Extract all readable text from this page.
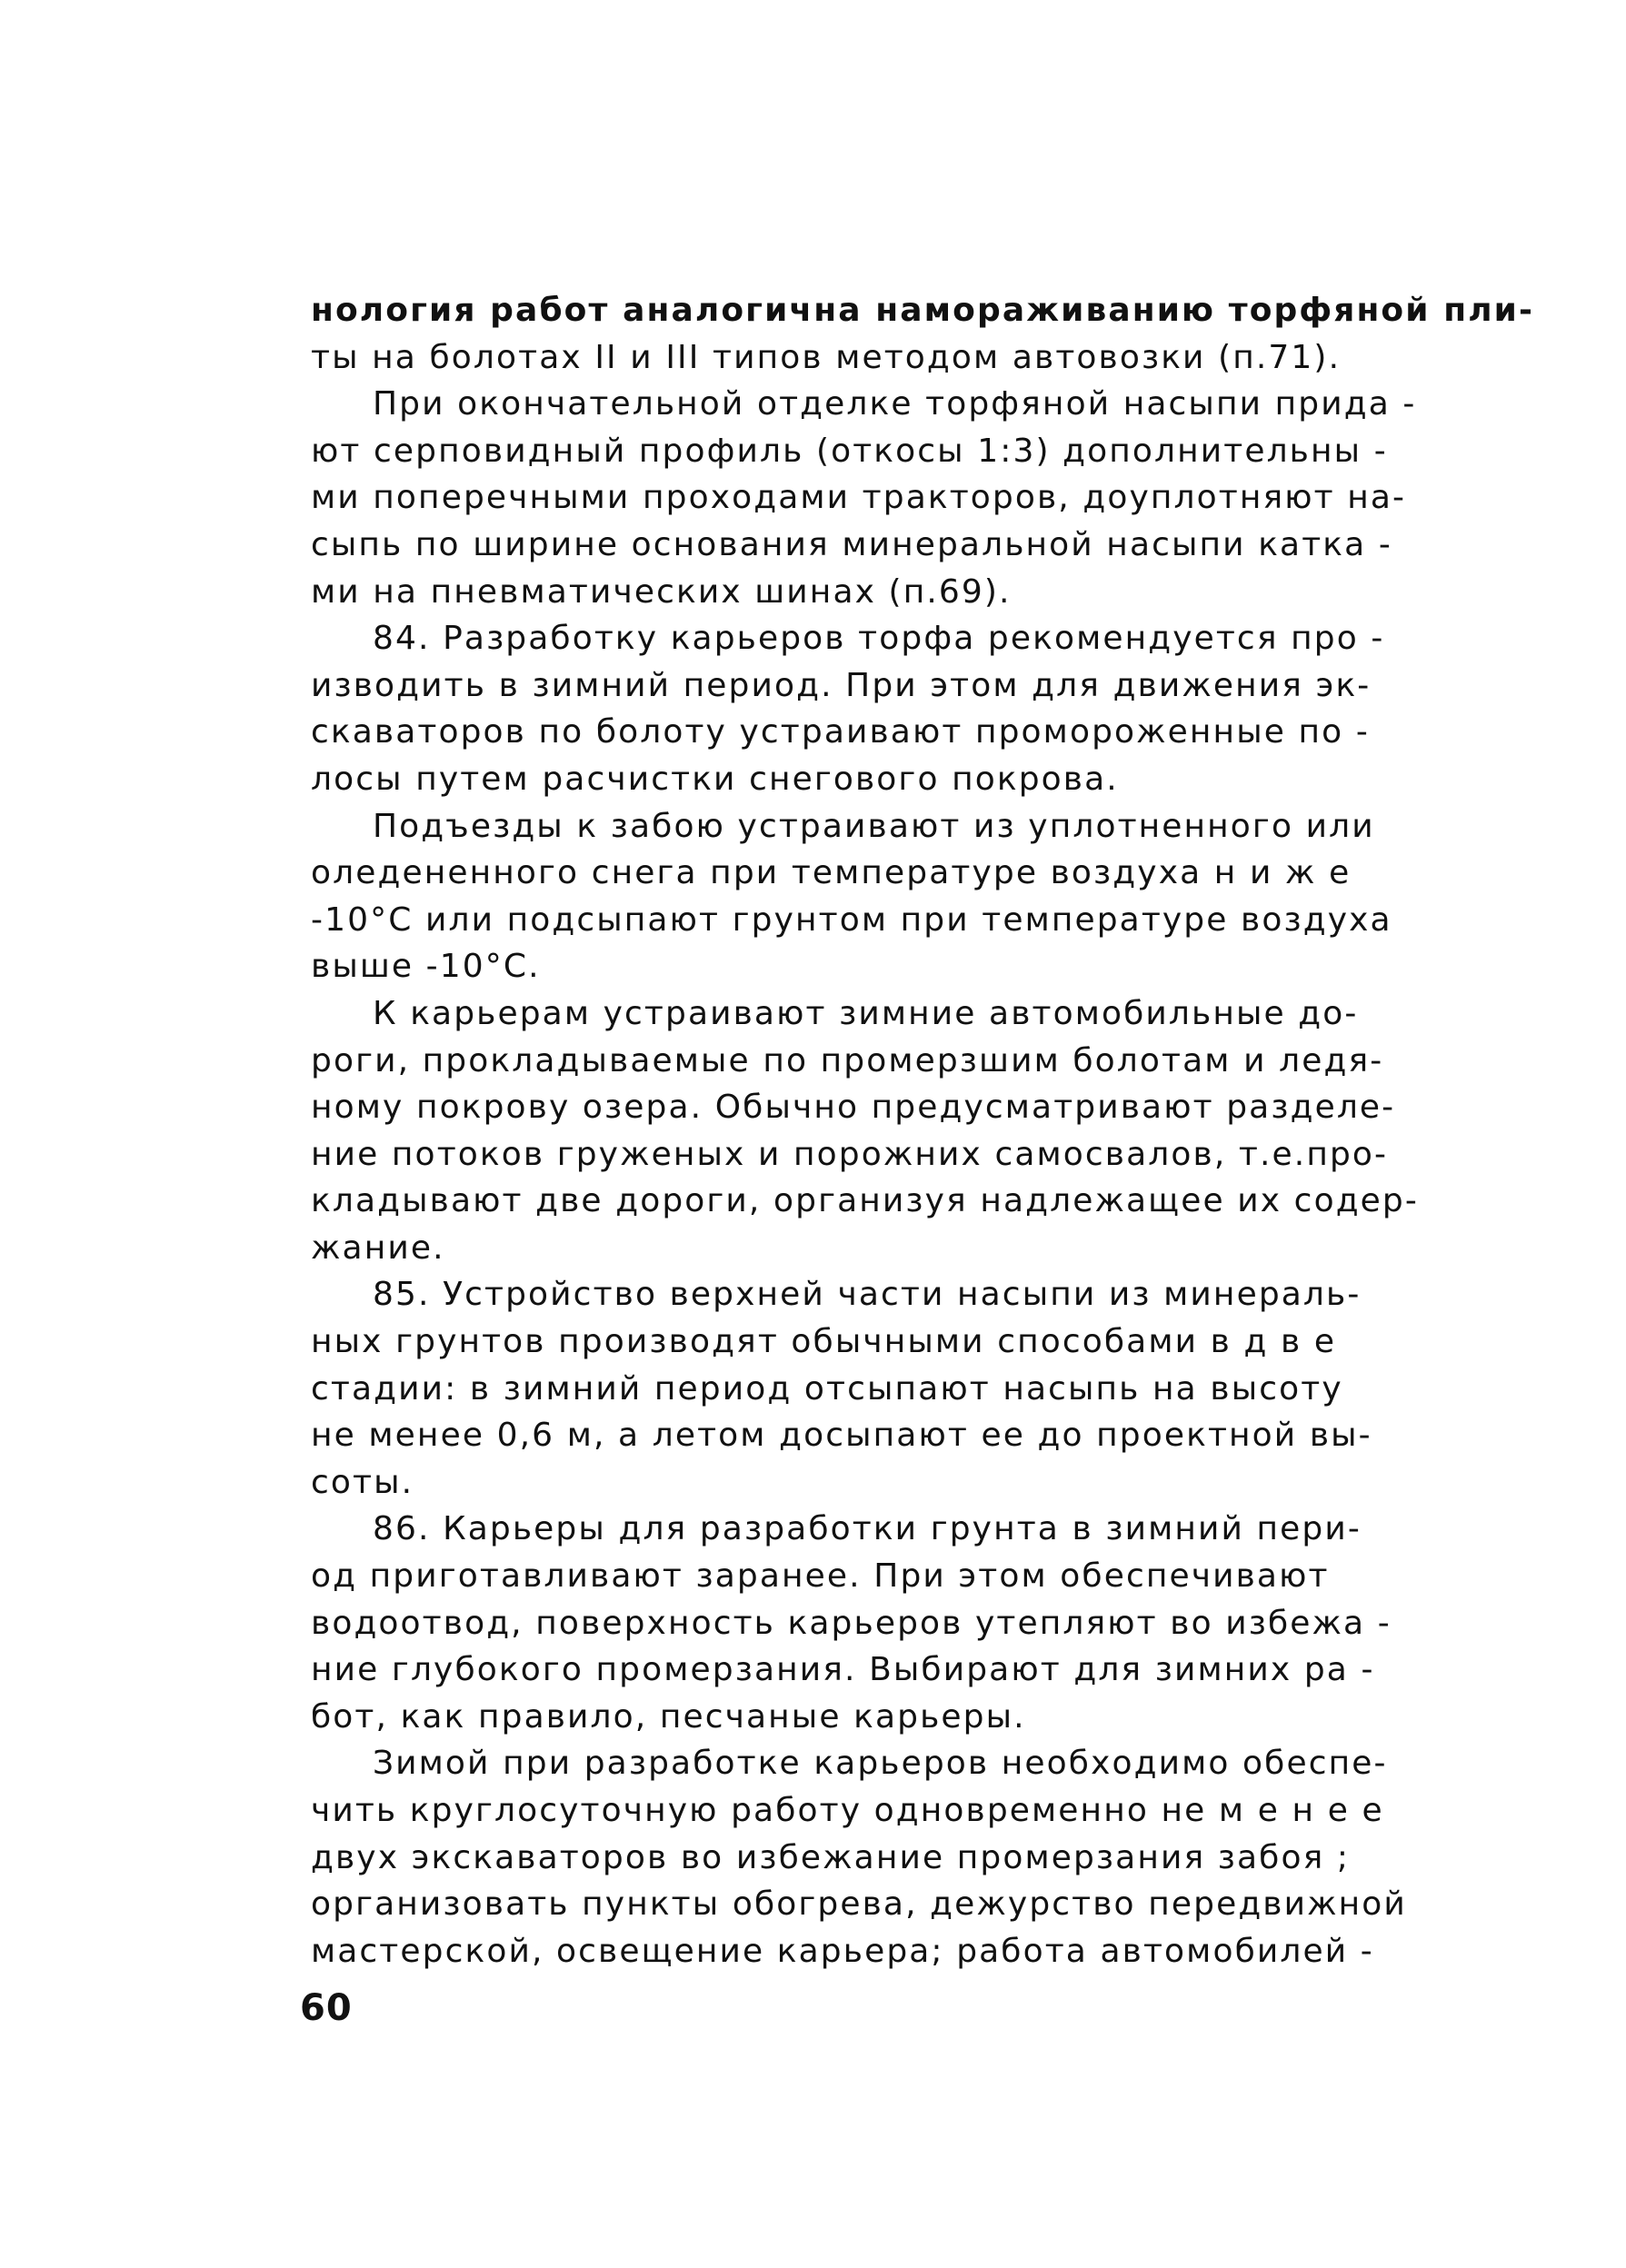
нология работ аналогична намораживанию торфяной пли-
ты на болотах II и III типов методом автовозки (п.71).
При окончательной отделке торфяной насыпи прида -
ют серповидный профиль (откосы 1:3) дополнительны -
ми поперечными проходами тракторов, доуплотняют на-
сыпь по ширине основания минеральной насыпи катка -
ми на пневматических шинах (п.69).
84. Разработку карьеров торфа рекомендуется про -
изводить в зимний период. При этом для движения эк-
скаваторов по болоту устраивают промороженные по -
лосы путем расчистки снегового покрова.
Подъезды к забою устраивают из уплотненного или
оледененного снега при температуре воздуха н и ж е
-10°С или подсыпают грунтом при температуре воздуха
выше -10°С.
К карьерам устраивают зимние автомобильные до-
роги, прокладываемые по промерзшим болотам и ледя-
ному покрову озера. Обычно предусматривают разделе-
ние потоков груженых и порожних самосвалов, т.е.про-
кладывают две дороги, организуя надлежащее их содер-
жание.
85. Устройство верхней части насыпи из минераль-
ных грунтов производят обычными способами в д в е
стадии: в зимний период отсыпают насыпь на высоту
не менее 0,6 м, а летом досыпают ее до проектной вы-
соты.
86. Карьеры для разработки грунта в зимний пери-
од приготавливают заранее. При этом обеспечивают
водоотвод, поверхность карьеров утепляют во избежа -
ние глубокого промерзания. Выбирают для зимних ра -
бот, как правило, песчаные карьеры.
Зимой при разработке карьеров необходимо обеспе-
чить круглосуточную работу одновременно не м е н е е
двух экскаваторов во избежание промерзания забоя ;
организовать пункты обогрева, дежурство передвижной
мастерской, освещение карьера; работа автомобилей -
60
